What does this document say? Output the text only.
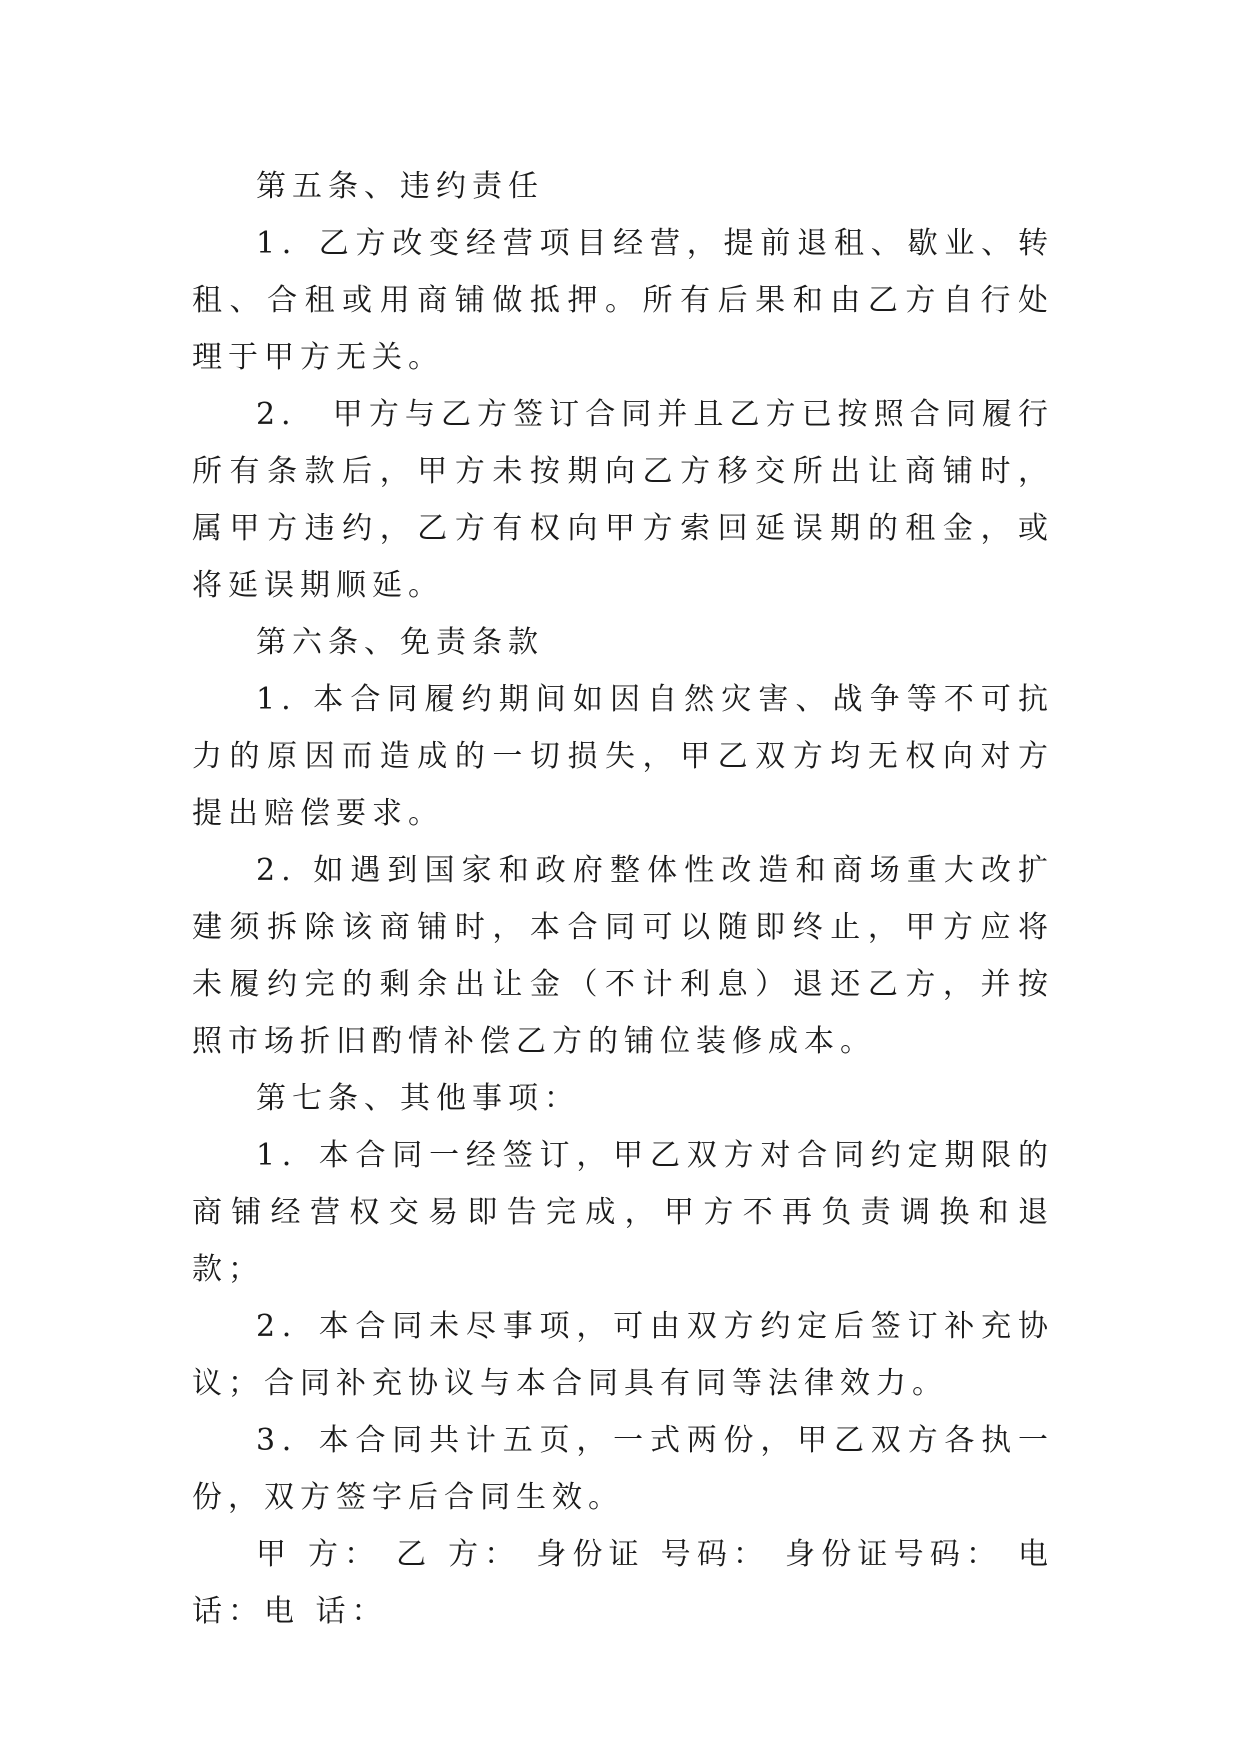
第五条、违约责任

1．乙方改变经营项目经营，提前退租、歇业、转租、合租或用商铺做抵押。所有后果和由乙方自行处理于甲方无关。

2． 甲方与乙方签订合同并且乙方已按照合同履行所有条款后，甲方未按期向乙方移交所出让商铺时，属甲方违约，乙方有权向甲方索回延误期的租金，或将延误期顺延。

第六条、免责条款

1. 本合同履约期间如因自然灾害、战争等不可抗力的原因而造成的一切损失，甲乙双方均无权向对方提出赔偿要求。

2. 如遇到国家和政府整体性改造和商场重大改扩建须拆除该商铺时，本合同可以随即终止，甲方应将未履约完的剩余出让金（不计利息）退还乙方，并按照市场折旧酌情补偿乙方的铺位装修成本。

第七条、其他事项：

1．本合同一经签订，甲乙双方对合同约定期限的商铺经营权交易即告完成，甲方不再负责调换和退款；

2．本合同未尽事项，可由双方约定后签订补充协议；合同补充协议与本合同具有同等法律效力。

3．本合同共计五页，一式两份，甲乙双方各执一份，双方签字后合同生效。

甲 方： 乙 方： 身份证 号码： 身份证号码： 电 话：电 话：
